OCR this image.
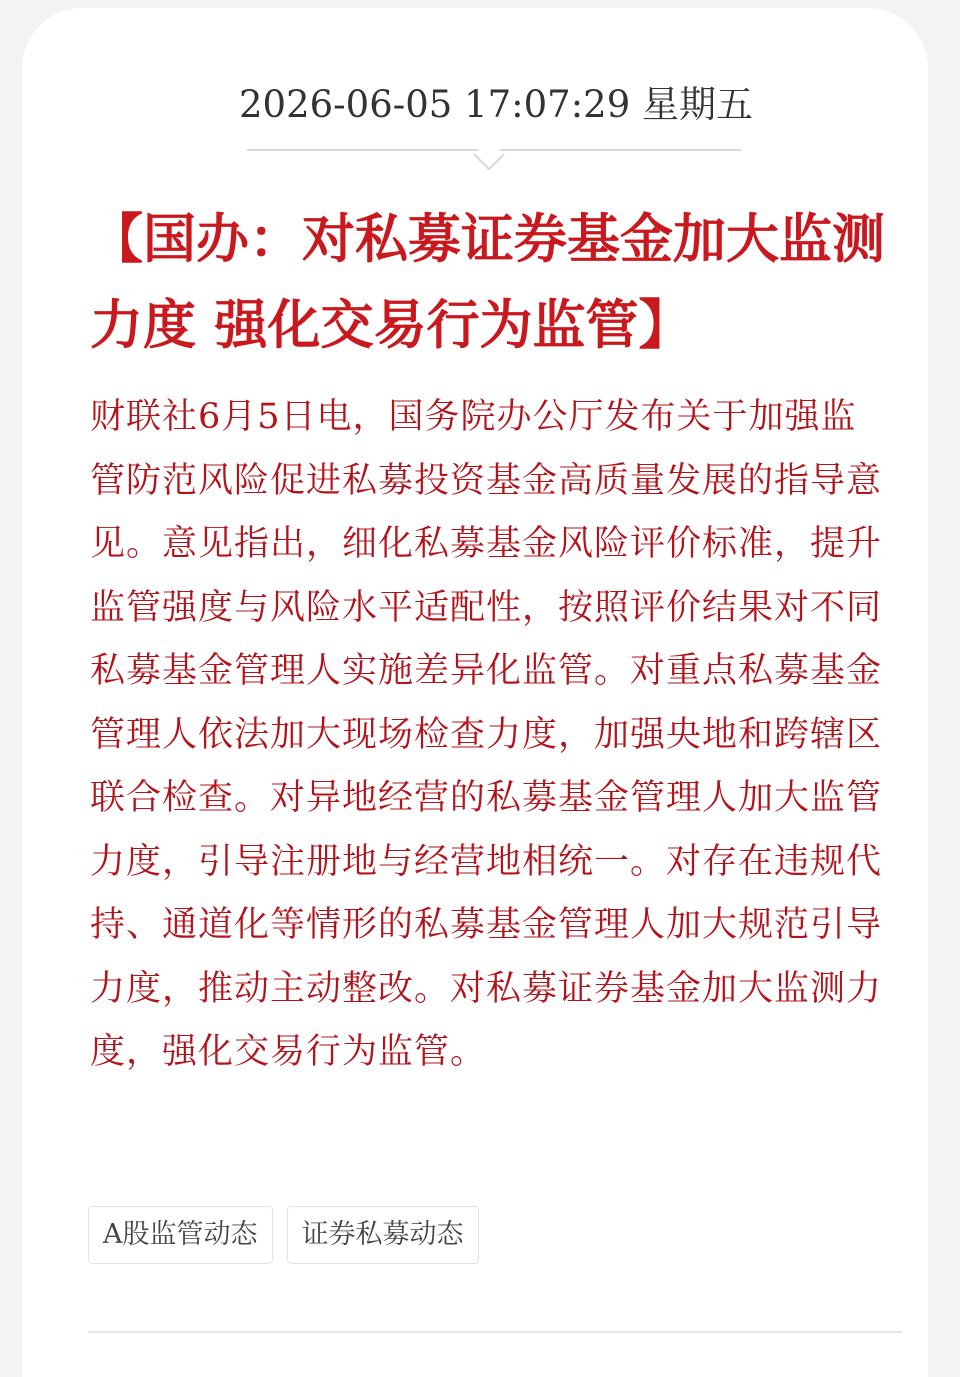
2026-06-05 17:07:29 星期五
【国办：对私募证券基金加大监测力度 强化交易行为监管】

财联社6月5日电，国务院办公厅发布关于加强监管防范风险促进私募投资基金高质量发展的指导意见。意见指出，细化私募基金风险评价标准，提升监管强度与风险水平适配性，按照评价结果对不同私募基金管理人实施差异化监管。对重点私募基金管理人依法加大现场检查力度，加强央地和跨辖区联合检查。对异地经营的私募基金管理人加大监管力度，引导注册地与经营地相统一。对存在违规代持、通道化等情形的私募基金管理人加大规范引导力度，推动主动整改。对私募证券基金加大监测力度，强化交易行为监管。

A股监管动态	证券私募动态
